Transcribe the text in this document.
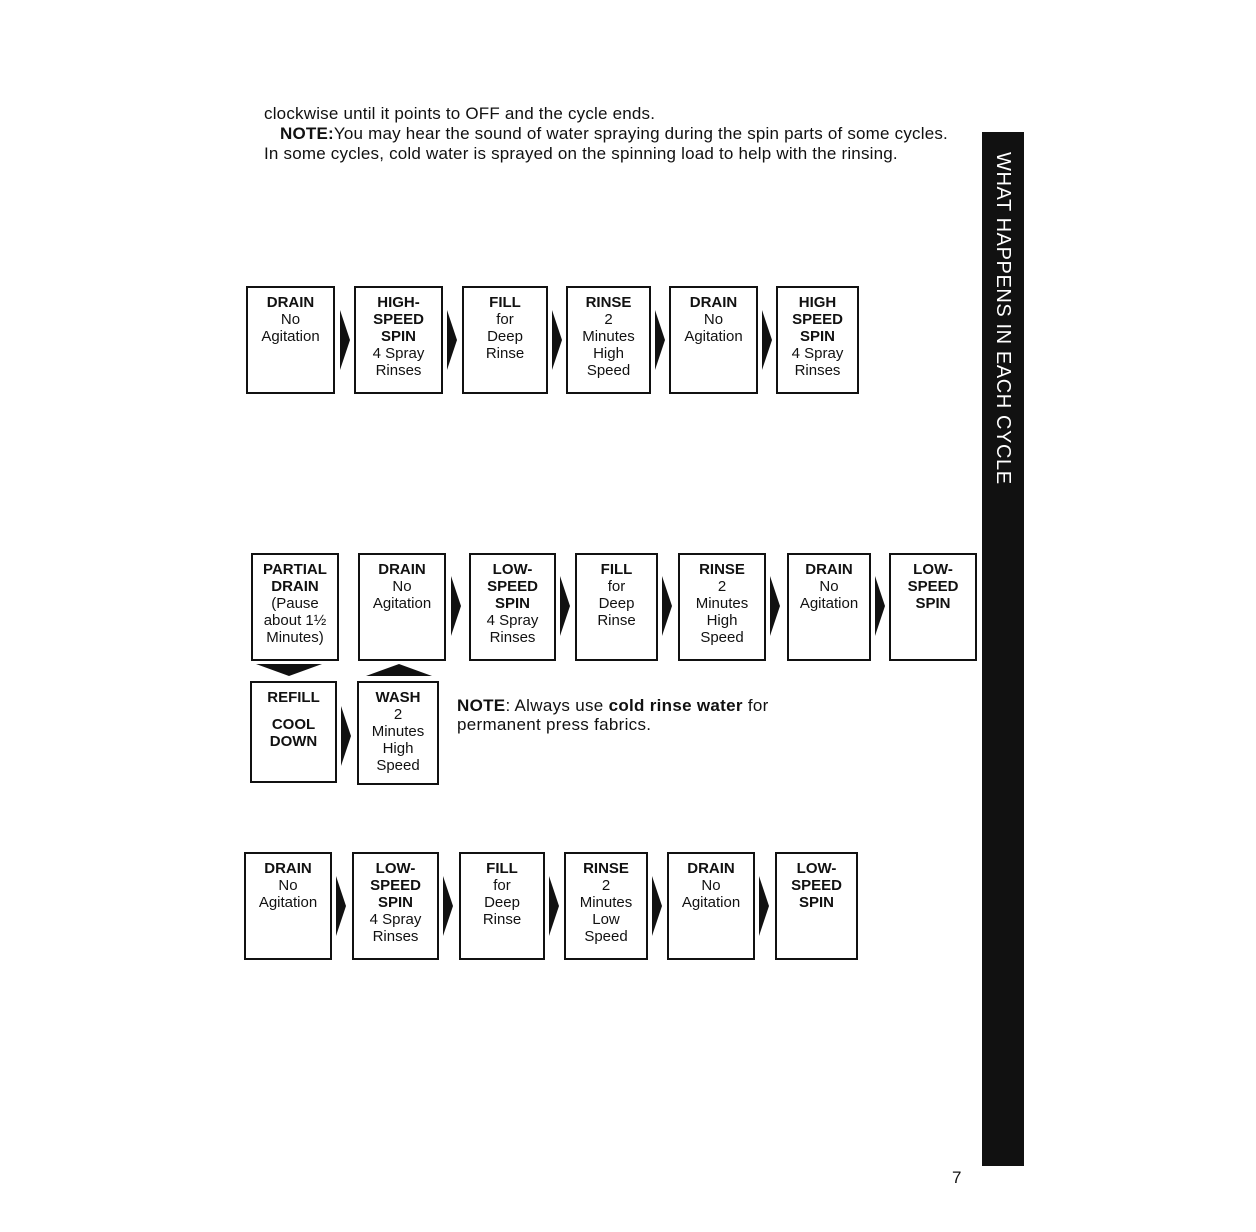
clockwise until it points to OFF and the cycle ends.

NOTE:You may hear the sound of water spraying during the spin parts of some cycles. In some cycles, cold water is sprayed on the spinning load to help with the rinsing.	WHAT HAPPENS IN EACH CYCLE
DRAIN
No
Agitation
HIGH-
SPEED
SPIN
4 Spray
Rinses
FILL
for
Deep
Rinse
RINSE
2
Minutes
High
Speed
DRAIN
No
Agitation
HIGH
SPEED
SPIN
4 Spray
Rinses
PARTIAL
DRAIN
(Pause
about 1½
Minutes)
DRAIN
No
Agitation
LOW-
SPEED
SPIN
4 Spray
Rinses
FILL
for
Deep
Rinse
RINSE
2
Minutes
High
Speed
DRAIN
No
Agitation
LOW-
SPEED
SPIN
REFILL
COOL
DOWN
WASH
2
Minutes
High
Speed
NOTE: Always use cold rinse water for permanent press fabrics.
DRAIN
No
Agitation
LOW-
SPEED
SPIN
4 Spray
Rinses
FILL
for
Deep
Rinse
RINSE
2
Minutes
Low
Speed
DRAIN
No
Agitation
LOW-
SPEED
SPIN
7
